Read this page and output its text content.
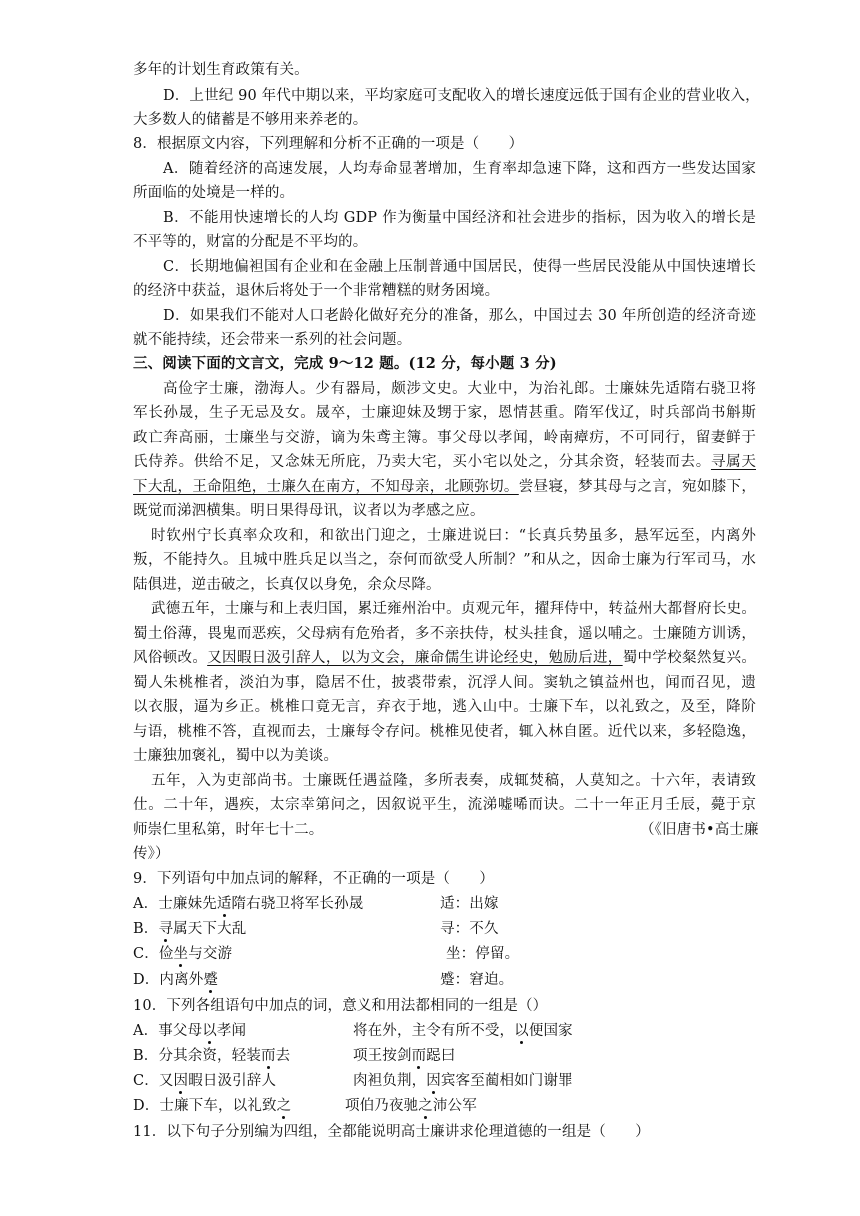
多年的计划生育政策有关。
D．上世纪 90 年代中期以来，平均家庭可支配收入的增长速度远低于国有企业的营业收入，
大多数人的储蓄是不够用来养老的。
8．根据原文内容，下列理解和分析不正确的一项是（　　）
A．随着经济的高速发展，人均寿命显著增加，生育率却急速下降，这和西方一些发达国家
所面临的处境是一样的。
B．不能用快速增长的人均 GDP 作为衡量中国经济和社会进步的指标，因为收入的增长是
不平等的，财富的分配是不平均的。
C．长期地偏袒国有企业和在金融上压制普通中国居民，使得一些居民没能从中国快速增长
的经济中获益，退休后将处于一个非常糟糕的财务困境。
D．如果我们不能对人口老龄化做好充分的准备，那么，中国过去 30 年所创造的经济奇迹
就不能持续，还会带来一系列的社会问题。
三、阅读下面的文言文，完成 9～12 题。(12 分，每小题 3 分)
高俭字士廉，渤海人。少有器局，颇涉文史。大业中，为治礼郎。士廉妹先适隋右骁卫将
军长孙晟，生子无忌及女。晟卒，士廉迎妹及甥于家，恩情甚重。隋军伐辽，时兵部尚书斛斯
政亡奔高丽，士廉坐与交游，谪为朱鸢主簿。事父母以孝闻，岭南瘴疠，不可同行，留妻鲜于
氏侍养。供给不足，又念妹无所庇，乃卖大宅，买小宅以处之，分其余资，轻装而去。寻属天
下大乱，王命阻绝，士廉久在南方，不知母亲，北顾弥切。尝昼寝，梦其母与之言，宛如膝下，
既觉而涕泗横集。明日果得母讯，议者以为孝感之应。
时钦州宁长真率众攻和，和欲出门迎之，士廉进说曰：“长真兵势虽多，悬军远至，内离外
叛，不能持久。且城中胜兵足以当之，奈何而欲受人所制？”和从之，因命士廉为行军司马，水
陆俱进，逆击破之，长真仅以身免，余众尽降。
武德五年，士廉与和上表归国，累迁雍州治中。贞观元年，擢拜侍中，转益州大都督府长史。
蜀土俗薄，畏鬼而恶疾，父母病有危殆者，多不亲扶侍，杖头挂食，遥以哺之。士廉随方训诱，
风俗顿改。又因暇日汲引辞人，以为文会，廉命儒生讲论经史，勉励后进，蜀中学校粲然复兴。
蜀人朱桃椎者，淡泊为事，隐居不仕，披裘带索，沉浮人间。窦轨之镇益州也，闻而召见，遗
以衣服，逼为乡正。桃椎口竟无言，弃衣于地，逃入山中。士廉下车，以礼致之，及至，降阶
与语，桃椎不答，直视而去，士廉每令存问。桃椎见使者，辄入林自匿。近代以来，多轻隐逸，
士廉独加褒礼，蜀中以为美谈。
五年，入为吏部尚书。士廉既任遇益隆，多所表奏，成辄焚稿，人莫知之。十六年，表请致
仕。二十年，遇疾，太宗幸第问之，因叙说平生，流涕嘘唏而诀。二十一年正月壬辰，薨于京
师崇仁里私第，时年七十二。	（《旧唐书•高士廉
传》）
9．下列语句中加点词的解释，不正确的一项是（　　）
A．士廉妹先适隋右骁卫将军长孙晟	适：出嫁
B．寻属天下大乱	寻：不久
C．俭坐与交游	坐：停留。
D．内离外蹙	蹙：窘迫。
10．下列各组语句中加点的词，意义和用法都相同的一组是（）
A．事父母以孝闻	将在外，主令有所不受，以便国家
B．分其余资，轻装而去	项王按剑而跽曰
C．又因暇日汲引辞人	肉袒负荆，因宾客至蔺相如门谢罪
D．士廉下车，以礼致之	项伯乃夜驰之沛公军
11．以下句子分别编为四组，全都能说明高士廉讲求伦理道德的一组是（　　）
